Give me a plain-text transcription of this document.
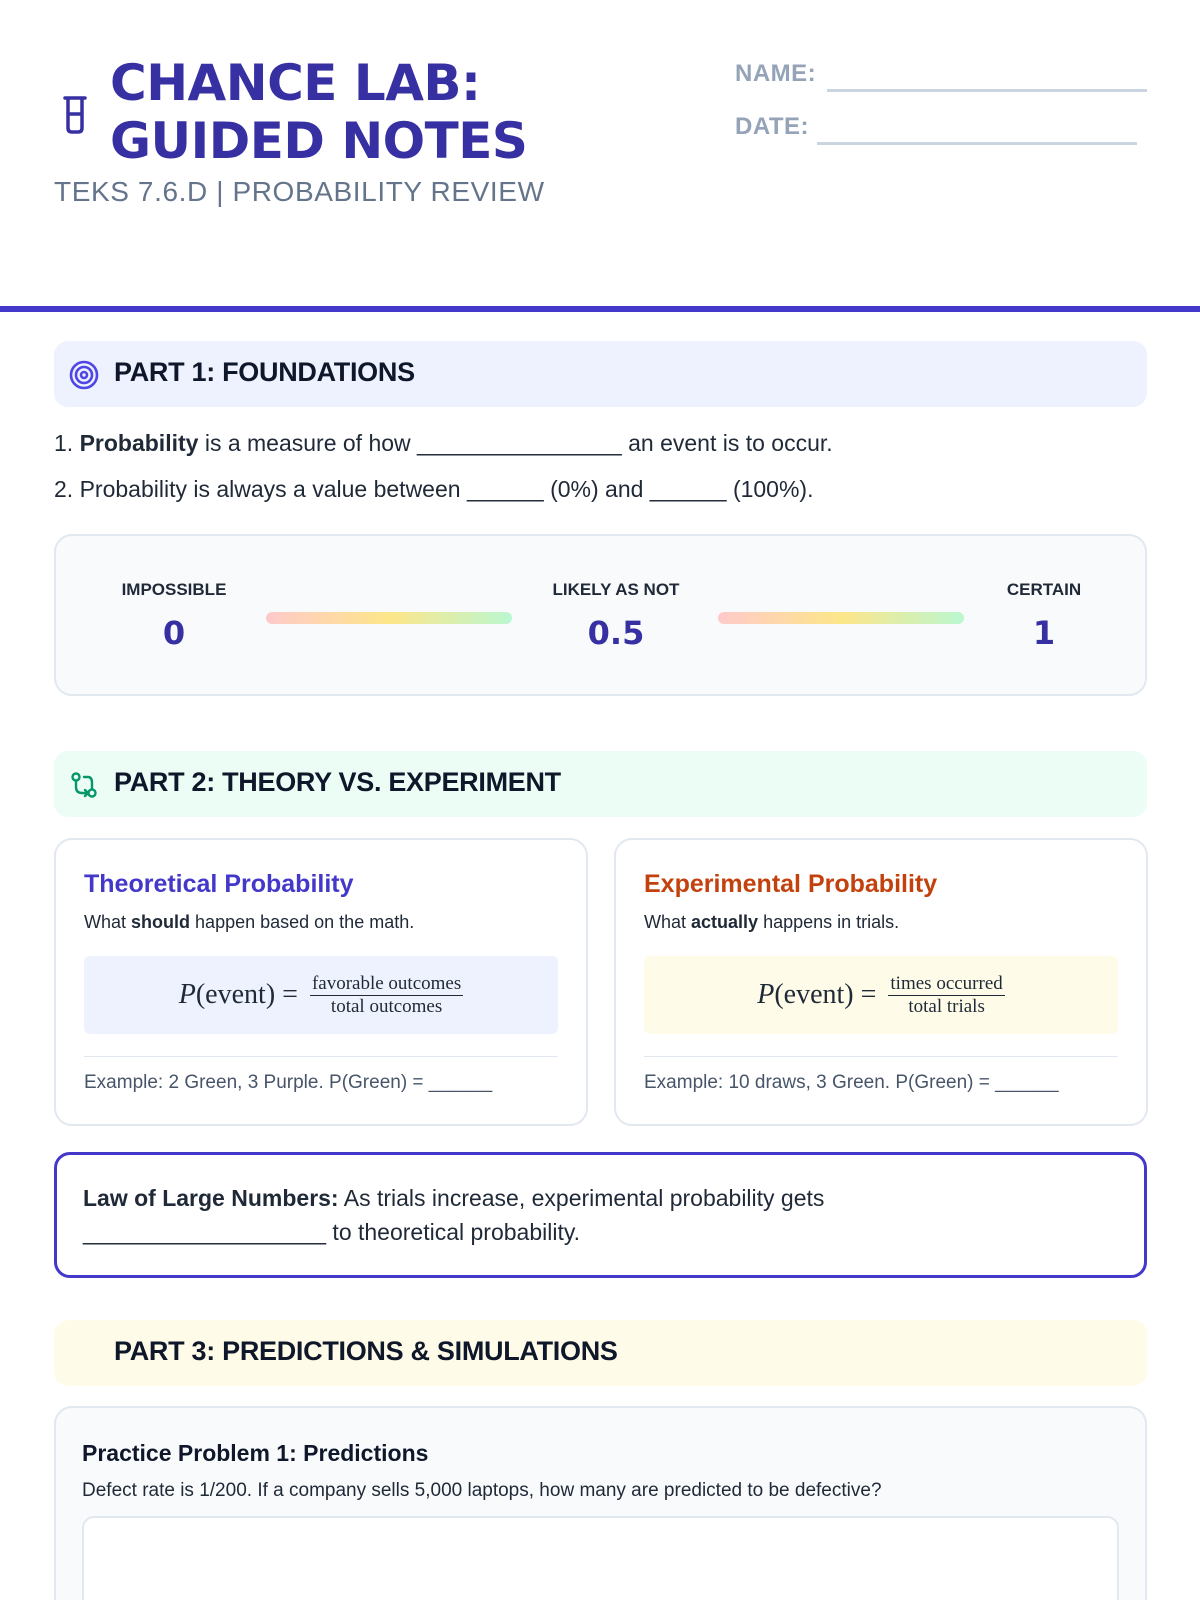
CHANCE LAB: GUIDED NOTES
TEKS 7.6.D | PROBABILITY REVIEW
NAME:
DATE:
PART 1: FOUNDATIONS
1. Probability is a measure of how ________________ an event is to occur.
2. Probability is always a value between ______ (0%) and ______ (100%).
IMPOSSIBLE
0
LIKELY AS NOT
0.5
CERTAIN
1
PART 2: THEORY VS. EXPERIMENT
Theoretical Probability
What should happen based on the math.
P(event) = $\frac{\text{favorable outcomes}}{\text{total outcomes}}$
Example: 2 Green, 3 Purple. P(Green) = ______
Experimental Probability
What actually happens in trials.
P(event) = $\frac{\text{times occurred}}{\text{total trials}}$
Example: 10 draws, 3 Green. P(Green) = ______
Law of Large Numbers: As trials increase, experimental probability gets ___________________ to theoretical probability.
PART 3: PREDICTIONS & SIMULATIONS
Practice Problem 1: Predictions
Defect rate is 1/200. If a company sells 5,000 laptops, how many are predicted to be defective?
